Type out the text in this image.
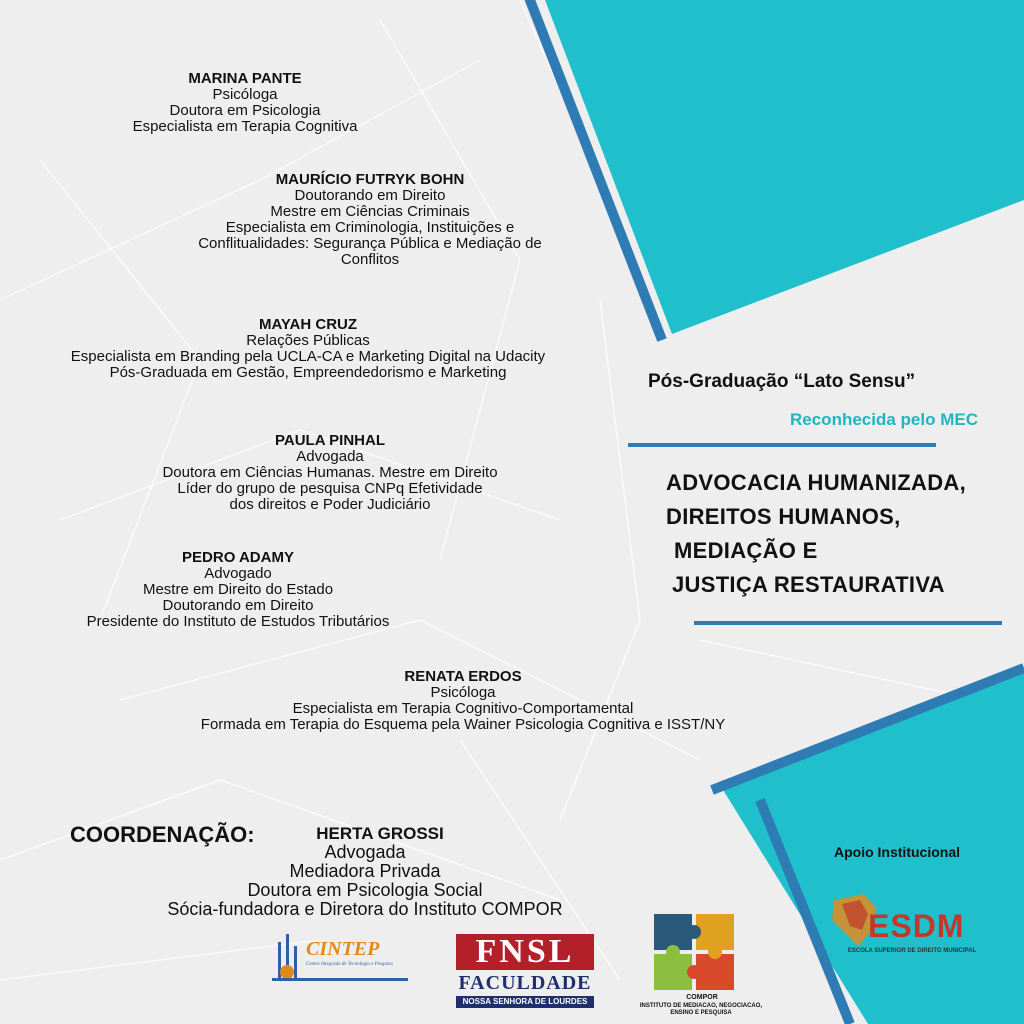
MARINA PANTE
Psicóloga
Doutora em Psicologia
Especialista em Terapia Cognitiva
MAURÍCIO FUTRYK BOHN
Doutorando em Direito
Mestre em Ciências Criminais
Especialista em Criminologia, Instituições e
Conflitualidades: Segurança Pública e Mediação de
Conflitos
MAYAH CRUZ
Relações Públicas
Especialista em Branding pela UCLA-CA e Marketing Digital na Udacity
Pós-Graduada em Gestão, Empreendedorismo e Marketing
PAULA PINHAL
Advogada
Doutora em Ciências Humanas. Mestre em Direito
Líder do grupo de pesquisa CNPq Efetividade
dos direitos e Poder Judiciário
PEDRO ADAMY
Advogado
Mestre em Direito do Estado
Doutorando em Direito
Presidente do Instituto de Estudos Tributários
RENATA ERDOS
Psicóloga
Especialista em Terapia Cognitivo-Comportamental
Formada em Terapia do Esquema pela Wainer Psicologia Cognitiva e ISST/NY
COORDENAÇÃO:	HERTA GROSSI
Advogada
Mediadora Privada
Doutora em Psicologia Social
Sócia-fundadora e Diretora do Instituto COMPOR
Pós-Graduação “Lato Sensu”
Reconhecida pelo MEC
ADVOCACIA HUMANIZADA,
DIREITOS HUMANOS,
MEDIAÇÃO E
JUSTIÇA RESTAURATIVA
Apoio Institucional
CINTEP
Centro Integrado de Tecnologia e Pesquisa	FNSL
FACULDADE
NOSSA SENHORA DE LOURDES	COMPOR
INSTITUTO DE MEDIACAO, NEGOCIACAO,
ENSINO E PESQUISA
ESDM
ESCOLA SUPERIOR DE DIREITO MUNICIPAL
